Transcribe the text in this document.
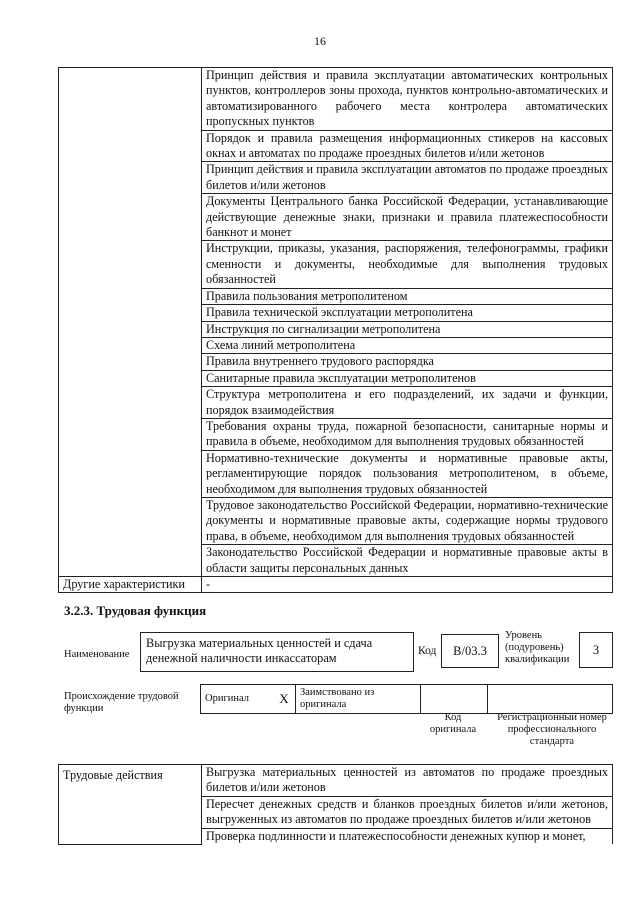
16
	Принцип действия и правила эксплуатации автоматических контрольных пунктов, контроллеров зоны прохода, пунктов контрольно-автоматических и автоматизированного рабочего места контролера автоматических пропускных пунктов
	Порядок и правила размещения информационных стикеров на кассовых окнах и автоматах по продаже проездных билетов и/или жетонов
	Принцип действия и правила эксплуатации автоматов по продаже проездных билетов и/или жетонов
	Документы Центрального банка Российской Федерации, устанавливающие действующие денежные знаки, признаки и правила платежеспособности банкнот и монет
	Инструкции, приказы, указания, распоряжения, телефонограммы, графики сменности и документы, необходимые для выполнения трудовых обязанностей
	Правила пользования метрополитеном
	Правила технической эксплуатации метрополитена
	Инструкция по сигнализации метрополитена
	Схема линий метрополитена
	Правила внутреннего трудового распорядка
	Санитарные правила эксплуатации метрополитенов
	Структура метрополитена и его подразделений, их задачи и функции, порядок взаимодействия
	Требования охраны труда, пожарной безопасности, санитарные нормы и правила в объеме, необходимом для выполнения трудовых обязанностей
	Нормативно-технические документы и нормативные правовые акты, регламентирующие порядок пользования метрополитеном, в объеме, необходимом для выполнения трудовых обязанностей
	Трудовое законодательство Российской Федерации, нормативно-технические документы и нормативные правовые акты, содержащие нормы трудового права, в объеме, необходимом для выполнения трудовых обязанностей
	Законодательство Российской Федерации и нормативные правовые акты в области защиты персональных данных
Другие характеристики	-
3.2.3. Трудовая функция
Наименование
Выгрузка материальных ценностей и сдача денежной наличности инкассаторам	Код	B/03.3
Уровень (подуровень) квалификации
3
Происхождение трудовой функции
Оригинал	X	Заимствовано из оригинала		
Код оригинала
Регистрационный номер профессионального стандарта
Трудовые действия	Выгрузка материальных ценностей из автоматов по продаже проездных билетов и/или жетонов
Пересчет денежных средств и бланков проездных билетов и/или жетонов, выгруженных из автоматов по продаже проездных билетов и/или жетонов
Проверка подлинности и платежеспособности денежных купюр и монет,
